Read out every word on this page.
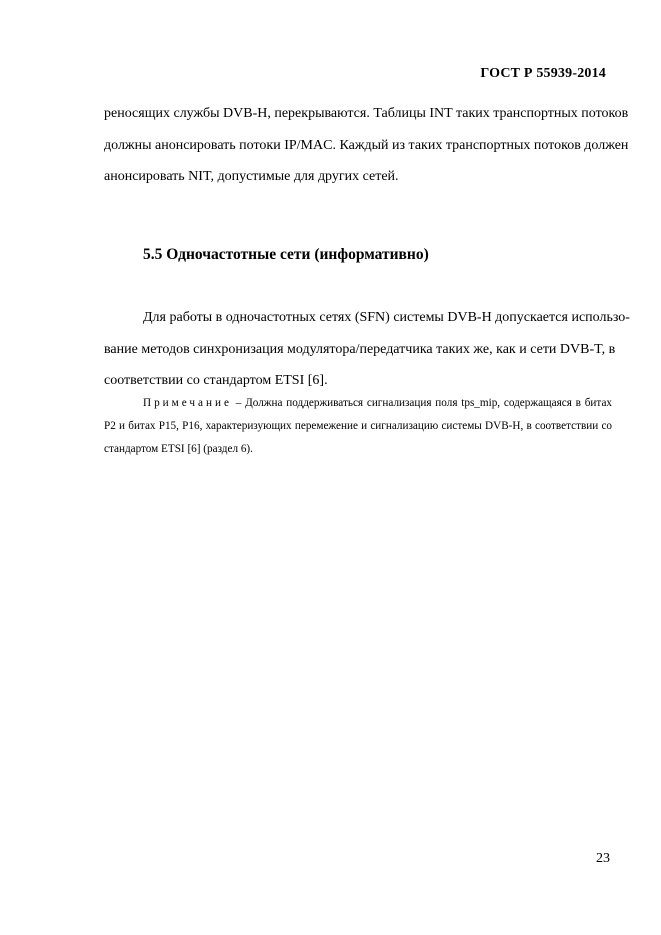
ГОСТ Р 55939-2014
реносящих службы DVB-H, перекрываются. Таблицы INT таких транспортных потоков
должны анонсировать потоки IP/MAC. Каждый из таких транспортных потоков должен
анонсировать NIT, допустимые для других сетей.
5.5 Одночастотные сети (информативно)
Для работы в одночастотных сетях (SFN) системы DVB-H допускается использо-
вание методов синхронизация модулятора/передатчика таких же, как и сети DVB-T, в
соответствии со стандартом ETSI [6].
Примечание – Должна поддерживаться сигнализация поля tps_mip, содержащаяся в битах
P2 и битах P15, P16, характеризующих перемежение и сигнализацию системы DVB-H, в соответствии со
стандартом ETSI [6] (раздел 6).
23
